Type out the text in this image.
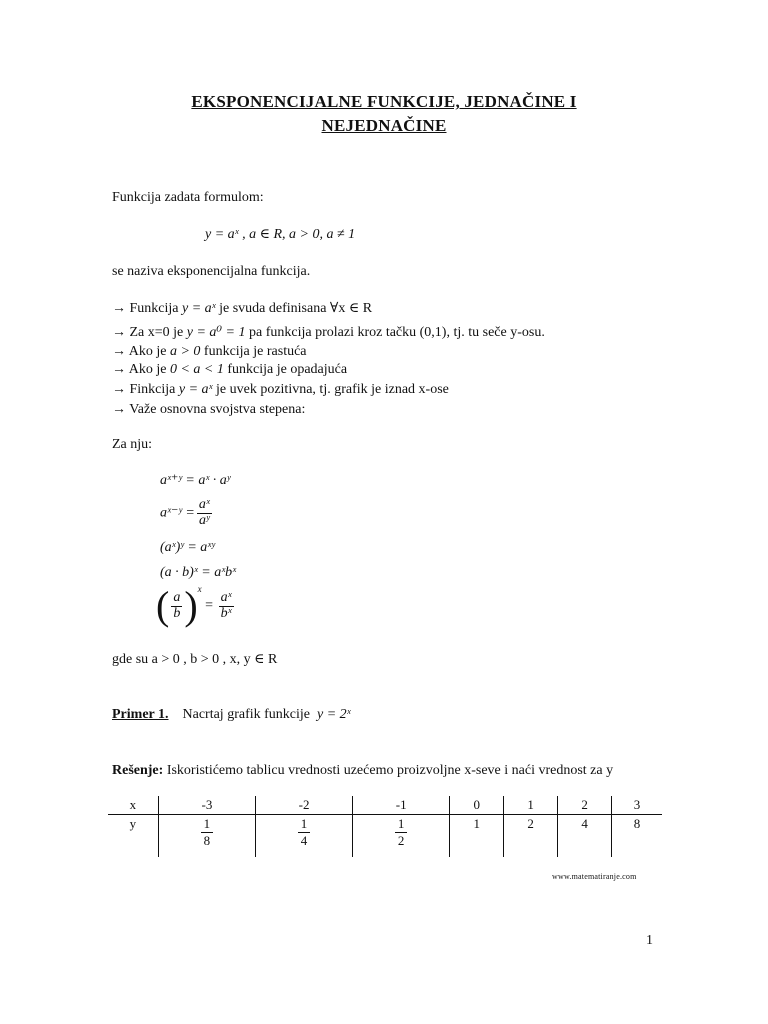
EKSPONENCIJALNE FUNKCIJE, JEDNAČINE I
NEJEDNAČINE
Funkcija zadata formulom:
y = aˣ , a ∈ R, a > 0, a ≠ 1
se naziva eksponencijalna funkcija.
→ Funkcija y = aˣ je svuda definisana ∀x ∈ R
→ Za x=0 je y = a⁰ = 1 pa funkcija prolazi kroz tačku (0,1), tj. tu seče y-osu.
→ Ako je a > 0 funkcija je rastuća
→ Ako je 0 < a < 1 funkcija je opadajuća
→ Finkcija y = aˣ je uvek pozitivna, tj. grafik je iznad x-ose
→ Važe osnovna svojstva stepena:
Za nju:
aˣ⁺ʸ = aˣ · aʸ
aˣ⁻ʸ = $\frac{\text{aˣ}}{\text{aʸ}}$
(aˣ)ʸ = aˣʸ
(a · b)ˣ = aˣbˣ
( $\frac{a}{b} )^x = \frac{\text{aˣ}}{\text{bˣ}}$
gde su a > 0 , b > 0 , x, y ∈ R
Primer 1. Nacrtaj grafik funkcije y = 2ˣ
Rešenje: Iskoristićemo tablicu vrednosti uzećemo proizvoljne x-seve i naći vrednost za y
x	-3	-2	-1	0	1	2	3
y	$\frac{1}{8}$	$\frac{1}{4}$	$\frac{1}{2}$	1	2	4	8
www.matematiranje.com
1
